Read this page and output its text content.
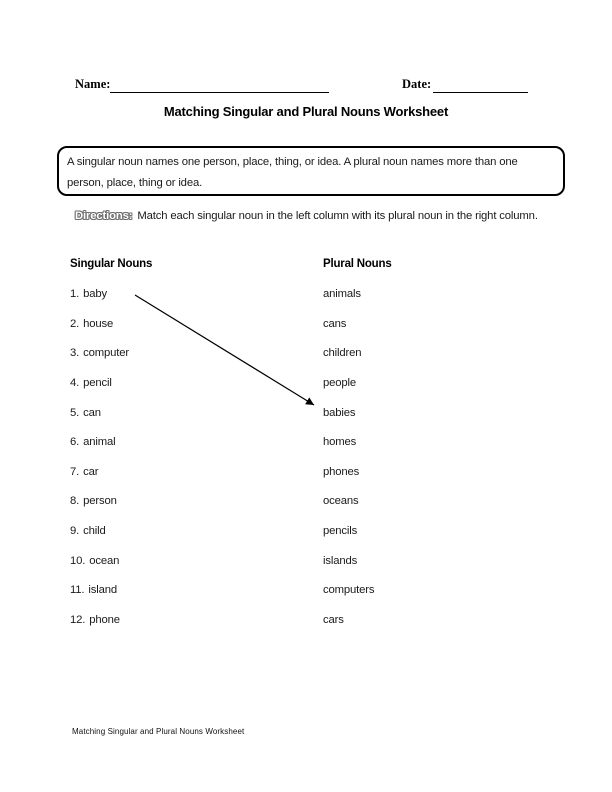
Name:	Date:
Matching Singular and Plural Nouns Worksheet
A singular noun names one person, place, thing, or idea. A plural noun names more than one person, place, thing or idea.
Directions: Match each singular noun in the left column with its plural noun in the right column.
Singular Nouns	Plural Nouns
1. baby	animals
2. house	cans
3. computer	children
4. pencil	people
5. can	babies
6. animal	homes
7. car	phones
8. person	oceans
9. child	pencils
10. ocean	islands
11. island	computers
12. phone	cars
Matching Singular and Plural Nouns Worksheet
